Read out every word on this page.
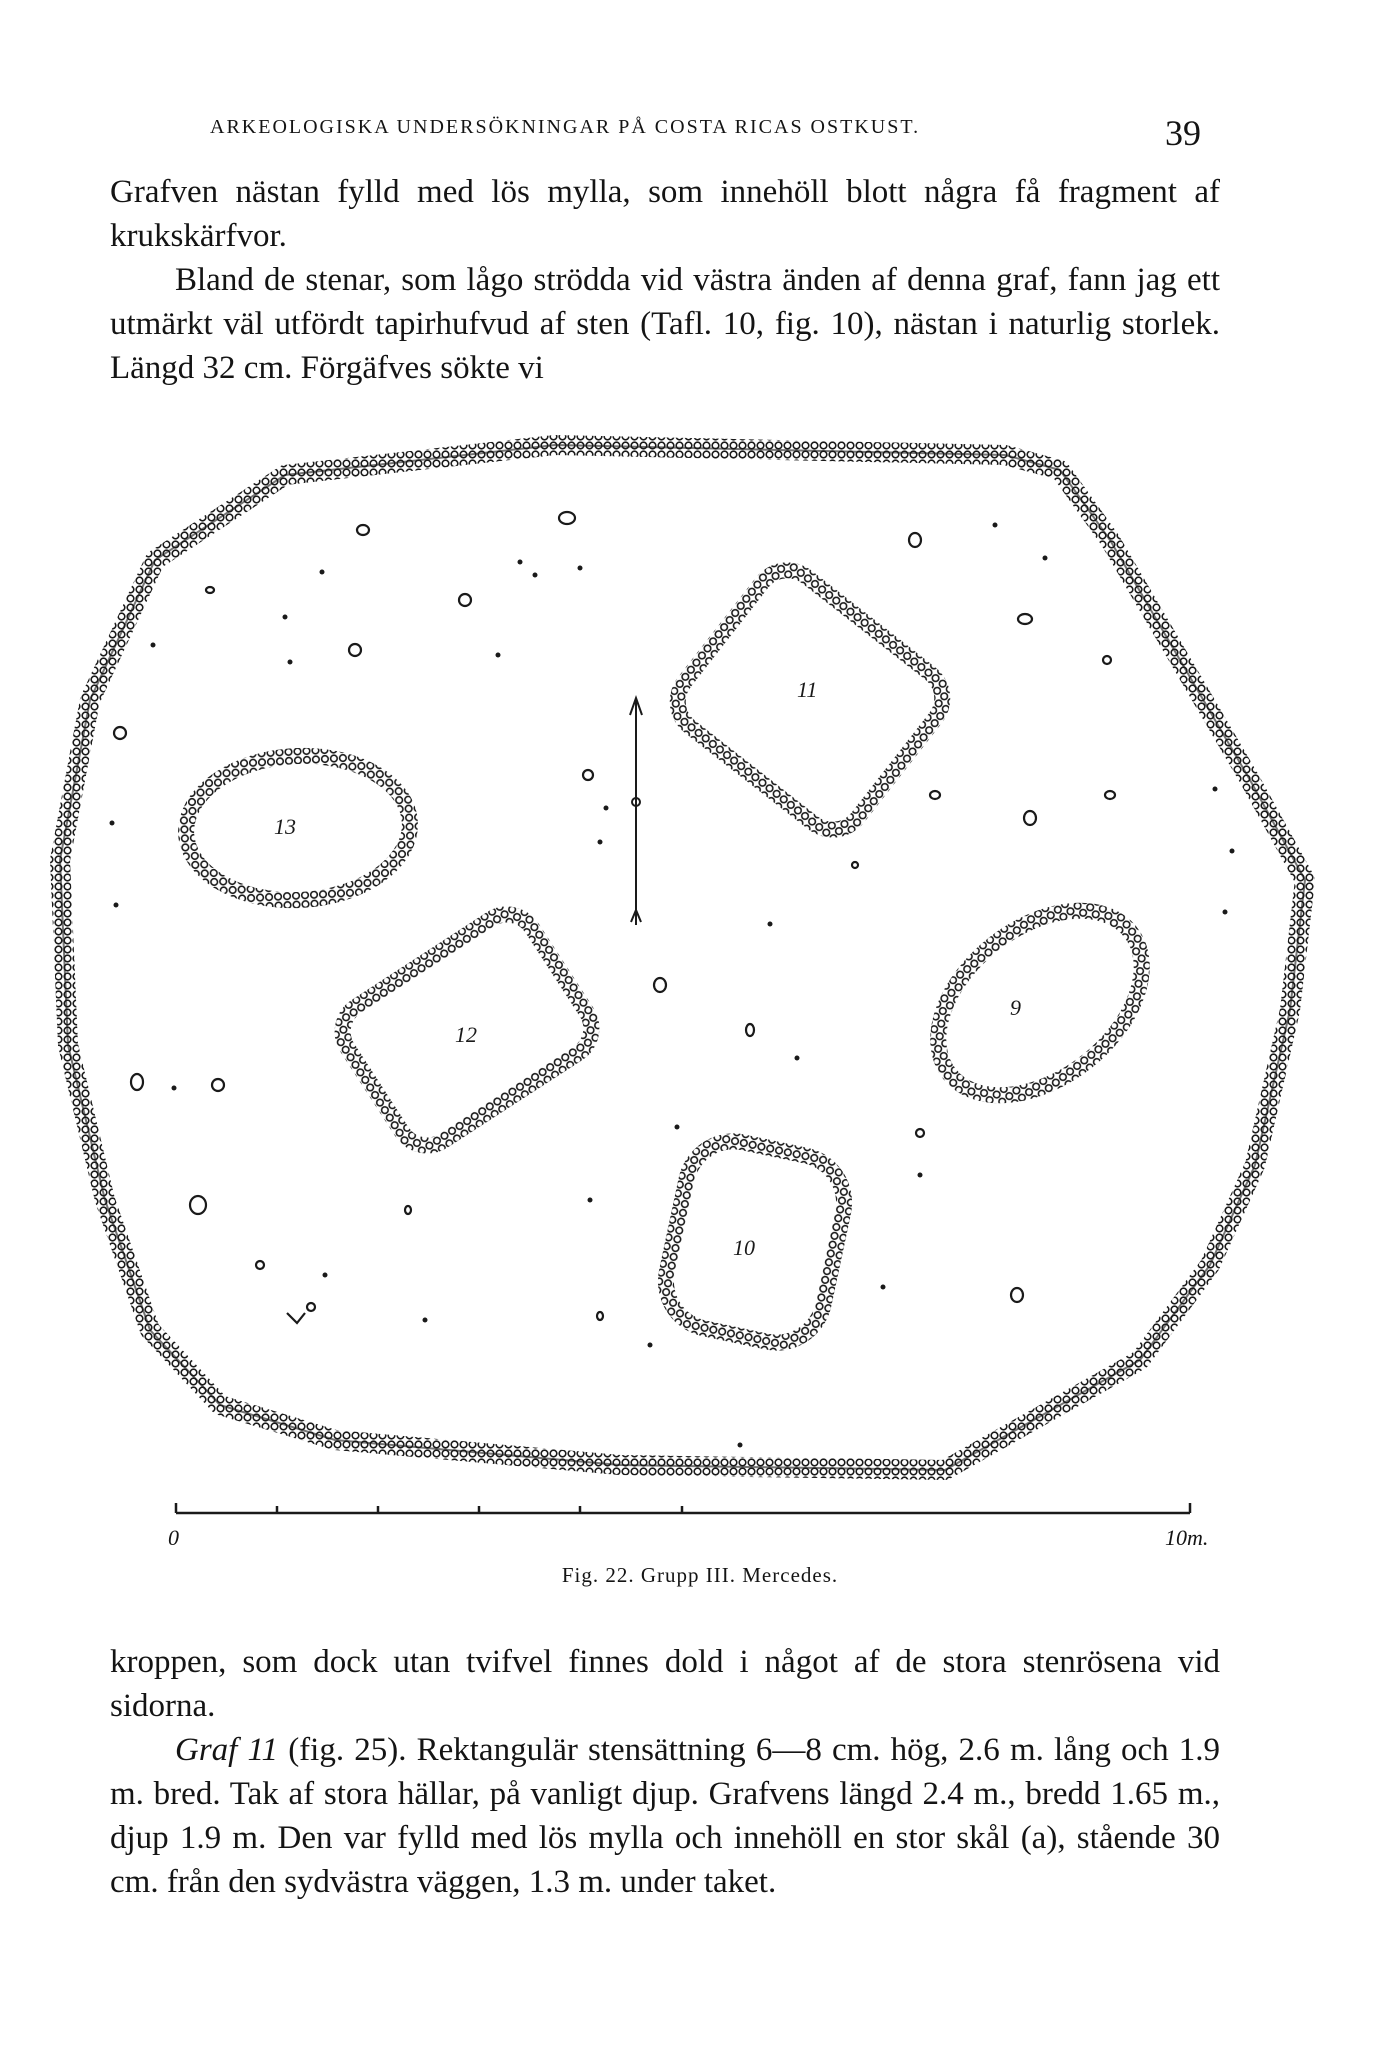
ARKEOLOGISKA UNDERSÖKNINGAR PÅ COSTA RICAS OSTKUST.	39

Grafven nästan fylld med lös mylla, som innehöll blott några få fragment af krukskärfvor.

Bland de stenar, som lågo strödda vid västra änden af denna graf, fann jag ett utmärkt väl utfördt tapirhufvud af sten (Tafl. 10, fig. 10), nästan i naturlig storlek. Längd 32 cm. Förgäfves sökte vi

11
13
12
9
10
0	10m.
Fig. 22. Grupp III. Mercedes.

kroppen, som dock utan tvifvel finnes dold i något af de stora stenrösena vid sidorna.

Graf 11 (fig. 25). Rektangulär stensättning 6—8 cm. hög, 2.6 m. lång och 1.9 m. bred. Tak af stora hällar, på vanligt djup. Grafvens längd 2.4 m., bredd 1.65 m., djup 1.9 m. Den var fylld med lös mylla och innehöll en stor skål (a), stående 30 cm. från den sydvästra väggen, 1.3 m. under taket.
